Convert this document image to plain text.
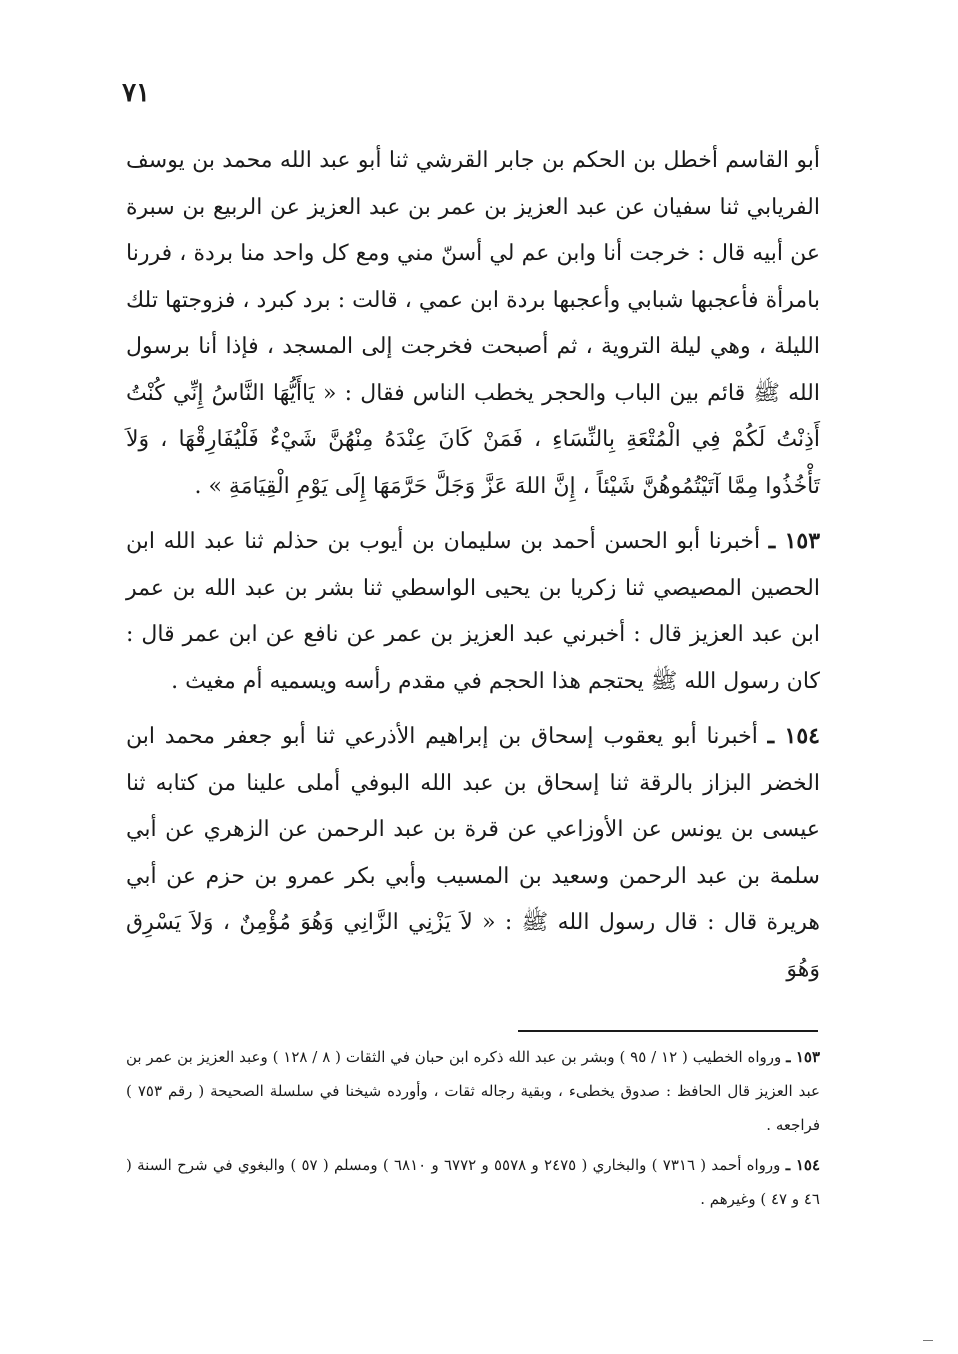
٧١

أبو القاسم أخطل بن الحكم بن جابر القرشي ثنا أبو عبد الله محمد بن يوسف الفريابي ثنا سفيان عن عبد العزيز بن عمر بن عبد العزيز عن الربيع بن سبرة عن أبيه قال : خرجت أنا وابن عم لي أسنّ مني ومع كل واحد منا بردة ، فررنا بامرأة فأعجبها شبابي وأعجبها بردة ابن عمي ، قالت : برد كبرد ، فزوجتها تلك الليلة ، وهي ليلة التروية ، ثم أصبحت فخرجت إلى المسجد ، فإذا أنا برسول الله ﷺ قائم بين الباب والحجر يخطب الناس فقال : « يَاأَيُّهَا النَّاسُ إِنِّي كُنْتُ أَذِنْتُ لَكُمْ فِي الْمُتْعَةِ بِالنِّسَاءِ ، فَمَنْ كَانَ عِنْدَهُ مِنْهُنَّ شَيْءٌ فَلْيُفَارِقْهَا ، وَلاَ تَأْخُذُوا مِمَّا آتَيْتُمُوهُنَّ شَيْئاً ، إِنَّ اللهَ عَزَّ وَجَلَّ حَرَّمَهَا إِلَى يَوْمِ الْقِيَامَةِ » .

١٥٣ ـ أخبرنا أبو الحسن أحمد بن سليمان بن أيوب بن حذلم ثنا عبد الله ابن الحصين المصيصي ثنا زكريا بن يحيى الواسطي ثنا بشر بن عبد الله بن عمر ابن عبد العزيز قال : أخبرني عبد العزيز بن عمر عن نافع عن ابن عمر قال : كان رسول الله ﷺ يحتجم هذا الحجم في مقدم رأسه ويسميه أم مغيث .

١٥٤ ـ أخبرنا أبو يعقوب إسحاق بن إبراهيم الأذرعي ثنا أبو جعفر محمد ابن الخضر البزاز بالرقة ثنا إسحاق بن عبد الله البوفي أملى علينا من كتابه ثنا عيسى بن يونس عن الأوزاعي عن قرة بن عبد الرحمن عن الزهري عن أبي سلمة بن عبد الرحمن وسعيد بن المسيب وأبي بكر عمرو بن حزم عن أبي هريرة قال : قال رسول الله ﷺ : « لاَ يَزْنِي الزَّانِي وَهُوَ مُؤْمِنٌ ، وَلاَ يَسْرِق وَهُوَ

١٥٣ ـ ورواه الخطيب ( ١٢ / ٩٥ ) وبشر بن عبد الله ذكره ابن حبان في الثقات ( ٨ / ١٢٨ ) وعبد العزيز بن عمر بن عبد العزيز قال الحافظ : صدوق يخطىء ، وبقية رجاله ثقات ، وأورده شيخنا في سلسلة الصحيحة ( رقم ٧٥٣ ) فراجعه .

١٥٤ ـ ورواه أحمد ( ٧٣١٦ ) والبخاري ( ٢٤٧٥ و ٥٥٧٨ و ٦٧٧٢ و ٦٨١٠ ) ومسلم ( ٥٧ ) والبغوي في شرح السنة ( ٤٦ و ٤٧ ) وغيرهم .
